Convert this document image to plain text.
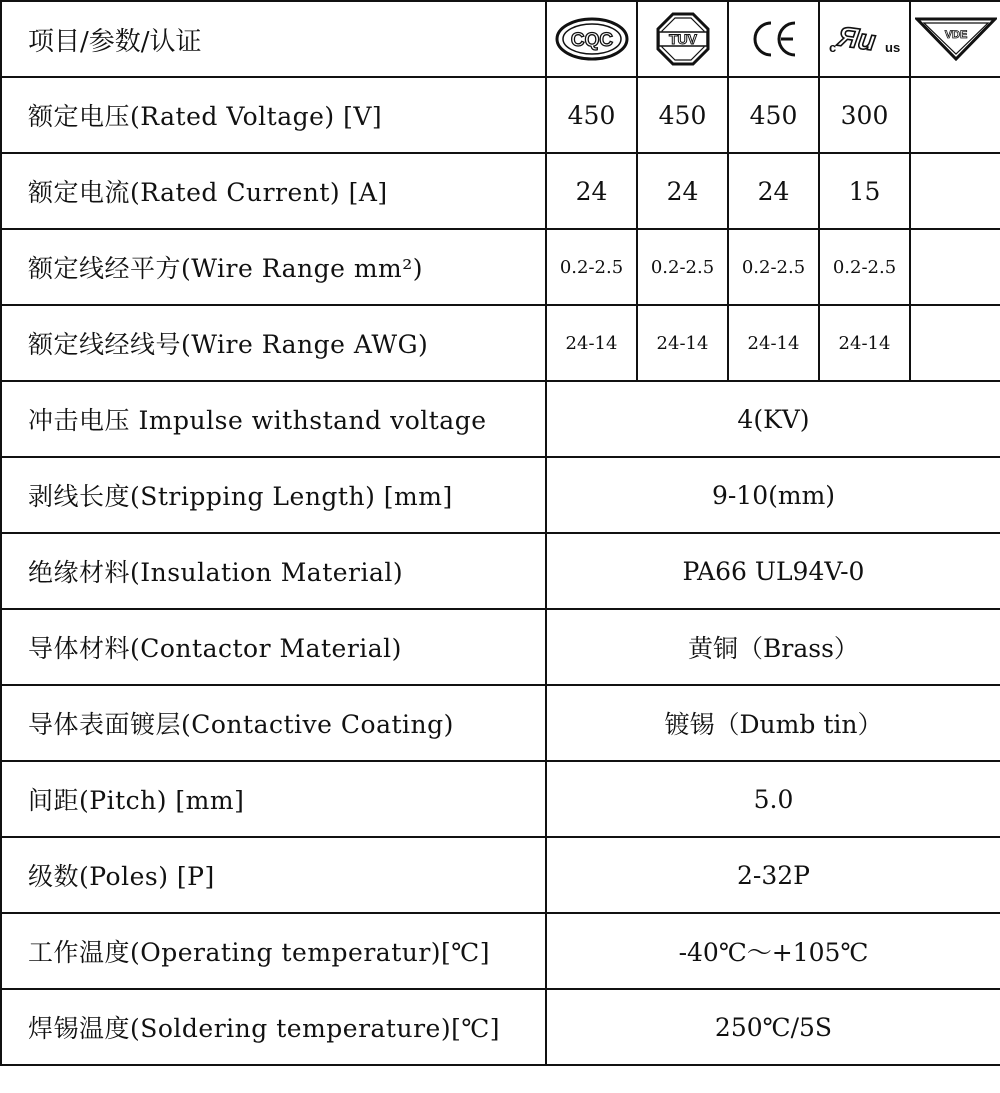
项目/参数/认证	CQC	TUV		c Яu us	VDE

额定电压(Rated Voltage) [V]	450	450	450	300	
额定电流(Rated Current) [A]	24	24	24	15	
额定线经平方(Wire Range mm²)	0.2-2.5	0.2-2.5	0.2-2.5	0.2-2.5	
额定线经线号(Wire Range AWG)	24-14	24-14	24-14	24-14	
冲击电压 Impulse withstand voltage	4(KV)				
剥线长度(Stripping Length) [mm]	9-10(mm)				
绝缘材料(Insulation Material)	PA66 UL94V-0				
导体材料(Contactor Material)	黄铜（Brass）				
导体表面镀层(Contactive Coating)	镀锡（Dumb tin）				
间距(Pitch) [mm]	5.0				
级数(Poles) [P]	2-32P				
工作温度(Operating temperatur)[℃]	-40℃～+105℃				
焊锡温度(Soldering temperature)[℃]	250℃/5S				
